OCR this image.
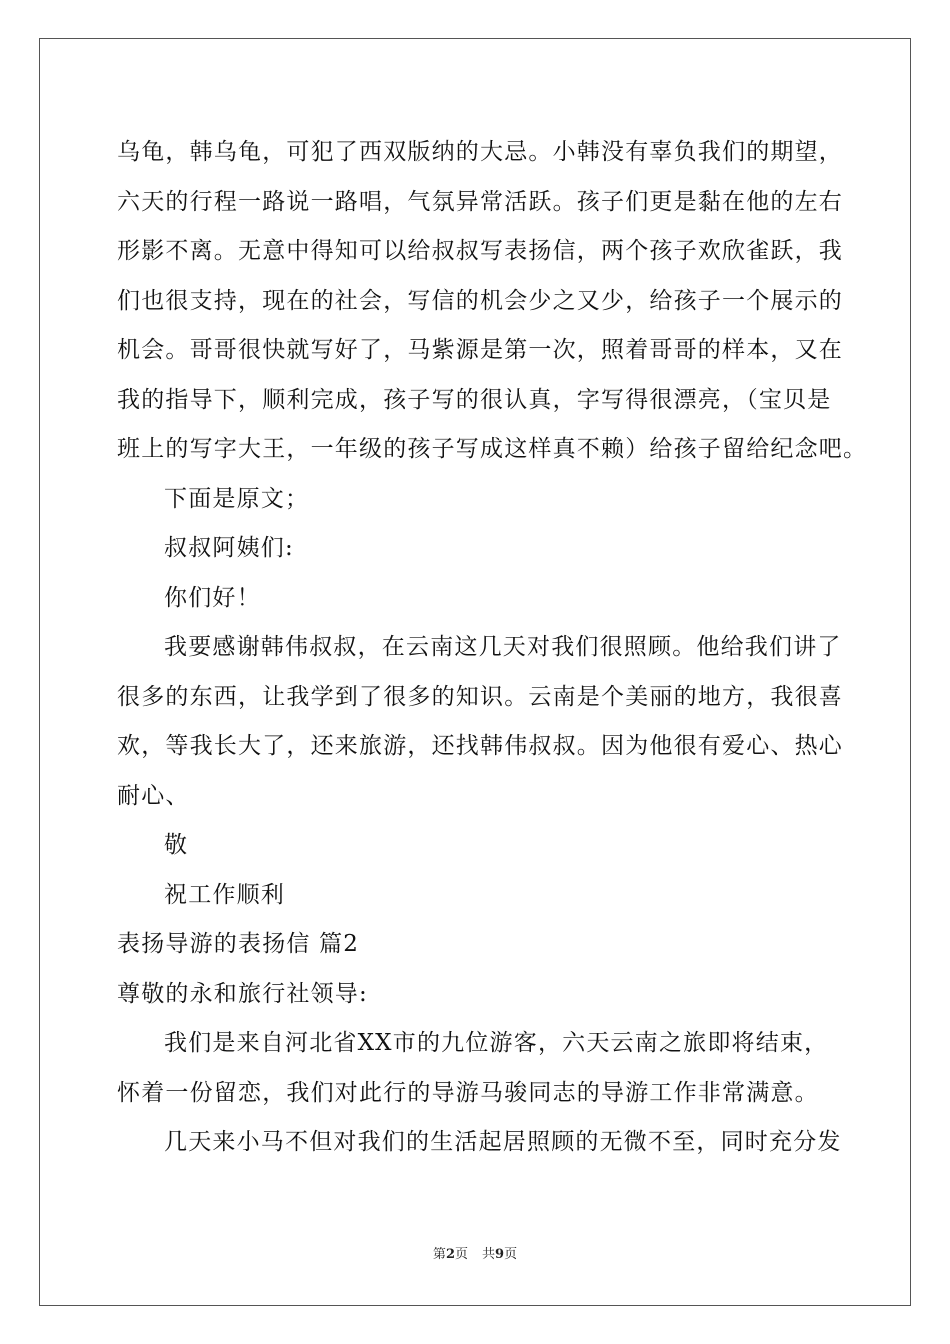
乌龟，韩乌龟，可犯了西双版纳的大忌。小韩没有辜负我们的期望，
六天的行程一路说一路唱，气氛异常活跃。孩子们更是黏在他的左右
形影不离。无意中得知可以给叔叔写表扬信，两个孩子欢欣雀跃，我
们也很支持，现在的社会，写信的机会少之又少，给孩子一个展示的
机会。哥哥很快就写好了，马紫源是第一次，照着哥哥的样本，又在
我的指导下，顺利完成，孩子写的很认真，字写得很漂亮，（宝贝是
班上的写字大王，一年级的孩子写成这样真不赖）给孩子留给纪念吧。
下面是原文；
叔叔阿姨们:
你们好！
我要感谢韩伟叔叔，在云南这几天对我们很照顾。他给我们讲了
很多的东西，让我学到了很多的知识。云南是个美丽的地方，我很喜
欢，等我长大了，还来旅游，还找韩伟叔叔。因为他很有爱心、热心
耐心、
敬
祝工作顺利
表扬导游的表扬信 篇2
尊敬的永和旅行社领导:
我们是来自河北省XX市的九位游客，六天云南之旅即将结束，
怀着一份留恋，我们对此行的导游马骏同志的导游工作非常满意。
几天来小马不但对我们的生活起居照顾的无微不至，同时充分发
第2页 共9页
